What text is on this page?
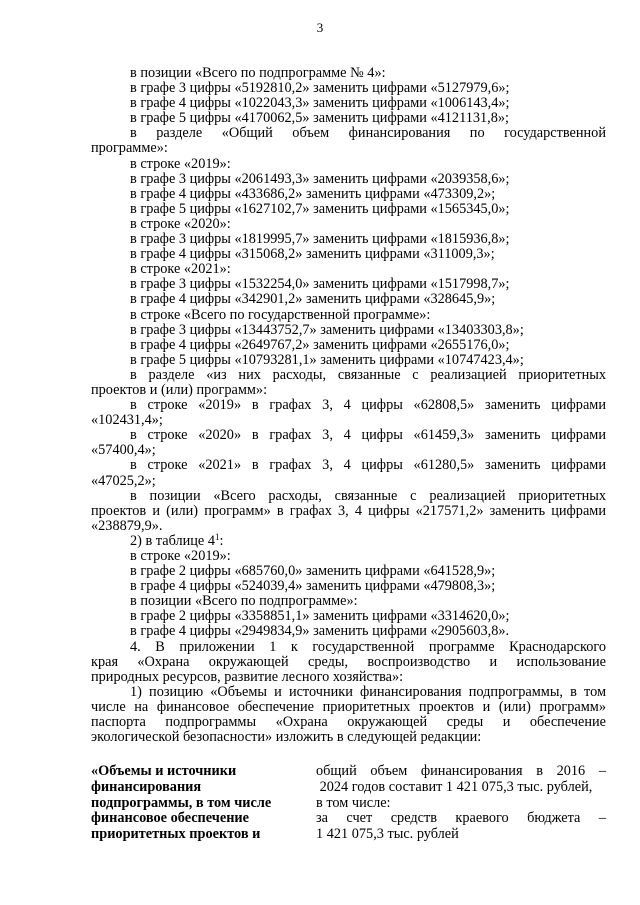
3
в позиции «Всего по подпрограмме № 4»:
в графе 3 цифры «5192810,2» заменить цифрами «5127979,6»;
в графе 4 цифры «1022043,3» заменить цифрами «1006143,4»;
в графе 5 цифры «4170062,5» заменить цифрами «4121131,8»;
в разделе «Общий объем финансирования по государственной
программе»:
в строке «2019»:
в графе 3 цифры «2061493,3» заменить цифрами «2039358,6»;
в графе 4 цифры «433686,2» заменить цифрами «473309,2»;
в графе 5 цифры «1627102,7» заменить цифрами «1565345,0»;
в строке «2020»:
в графе 3 цифры «1819995,7» заменить цифрами «1815936,8»;
в графе 4 цифры «315068,2» заменить цифрами «311009,3»;
в строке «2021»:
в графе 3 цифры «1532254,0» заменить цифрами «1517998,7»;
в графе 4 цифры «342901,2» заменить цифрами «328645,9»;
в строке «Всего по государственной программе»:
в графе 3 цифры «13443752,7» заменить цифрами «13403303,8»;
в графе 4 цифры «2649767,2» заменить цифрами «2655176,0»;
в графе 5 цифры «10793281,1» заменить цифрами «10747423,4»;
в разделе «из них расходы, связанные с реализацией приоритетных
проектов и (или) программ»:
в строке «2019» в графах 3, 4 цифры «62808,5» заменить цифрами
«102431,4»;
в строке «2020» в графах 3, 4 цифры «61459,3» заменить цифрами
«57400,4»;
в строке «2021» в графах 3, 4 цифры «61280,5» заменить цифрами
«47025,2»;
в позиции «Всего расходы, связанные с реализацией приоритетных
проектов и (или) программ» в графах 3, 4 цифры «217571,2» заменить цифрами
«238879,9».
2) в таблице $4^1$:
в строке «2019»:
в графе 2 цифры «685760,0» заменить цифрами «641528,9»;
в графе 4 цифры «524039,4» заменить цифрами «479808,3»;
в позиции «Всего по подпрограмме»:
в графе 2 цифры «3358851,1» заменить цифрами «3314620,0»;
в графе 4 цифры «2949834,9» заменить цифрами «2905603,8».
4. В приложении 1 к государственной программе Краснодарского
края «Охрана окружающей среды, воспроизводство и использование
природных ресурсов, развитие лесного хозяйства»:
1) позицию «Объемы и источники финансирования подпрограммы, в том
числе на финансовое обеспечение приоритетных проектов и (или) программ»
паспорта подпрограммы «Охрана окружающей среды и обеспечение
экологической безопасности» изложить в следующей редакции:
«Объемы и источники
финансирования
подпрограммы, в том числе
финансовое обеспечение
приоритетных проектов и
общий объем финансирования в 2016 –
2024 годов составит 1 421 075,3 тыс. рублей,
в том числе:
за счет средств краевого бюджета –
1 421 075,3 тыс. рублей
